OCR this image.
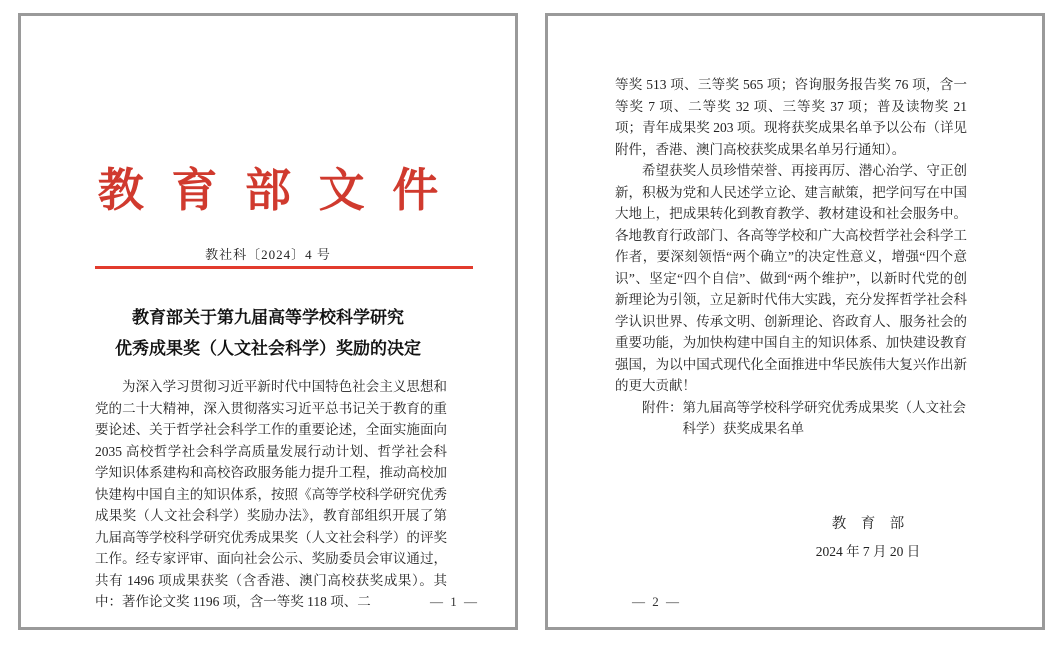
教育部文件
教社科〔2024〕4 号
教育部关于第九届高等学校科学研究
优秀成果奖（人文社会科学）奖励的决定

为深入学习贯彻习近平新时代中国特色社会主义思想和党的二十大精神，深入贯彻落实习近平总书记关于教育的重要论述、关于哲学社会科学工作的重要论述，全面实施面向 2035 高校哲学社会科学高质量发展行动计划、哲学社会科学知识体系建构和高校咨政服务能力提升工程，推动高校加快建构中国自主的知识体系，按照《高等学校科学研究优秀成果奖（人文社会科学）奖励办法》，教育部组织开展了第九届高等学校科学研究优秀成果奖（人文社会科学）的评奖工作。经专家评审、面向社会公示、奖励委员会审议通过，共有 1496 项成果获奖（含香港、澳门高校获奖成果）。其中：著作论文奖 1196 项，含一等奖 118 项、二	— 1 —

等奖 513 项、三等奖 565 项；咨询服务报告奖 76 项，含一等奖 7 项、二等奖 32 项、三等奖 37 项；普及读物奖 21 项；青年成果奖 203 项。现将获奖成果名单予以公布（详见附件，香港、澳门高校获奖成果名单另行通知）。

希望获奖人员珍惜荣誉、再接再厉、潜心治学、守正创新，积极为党和人民述学立论、建言献策，把学问写在中国大地上，把成果转化到教育教学、教材建设和社会服务中。各地教育行政部门、各高等学校和广大高校哲学社会科学工作者，要深刻领悟“两个确立”的决定性意义，增强“四个意识”、坚定“四个自信”、做到“两个维护”，以新时代党的创新理论为引领，立足新时代伟大实践，充分发挥哲学社会科学认识世界、传承文明、创新理论、咨政育人、服务社会的重要功能，为加快构建中国自主的知识体系、加快建设教育强国，为以中国式现代化全面推进中华民族伟大复兴作出新的更大贡献！

附件：第九届高等学校科学研究优秀成果奖（人文社会科学）获奖成果名单

教　育　部
2024 年 7 月 20 日
— 2 —
